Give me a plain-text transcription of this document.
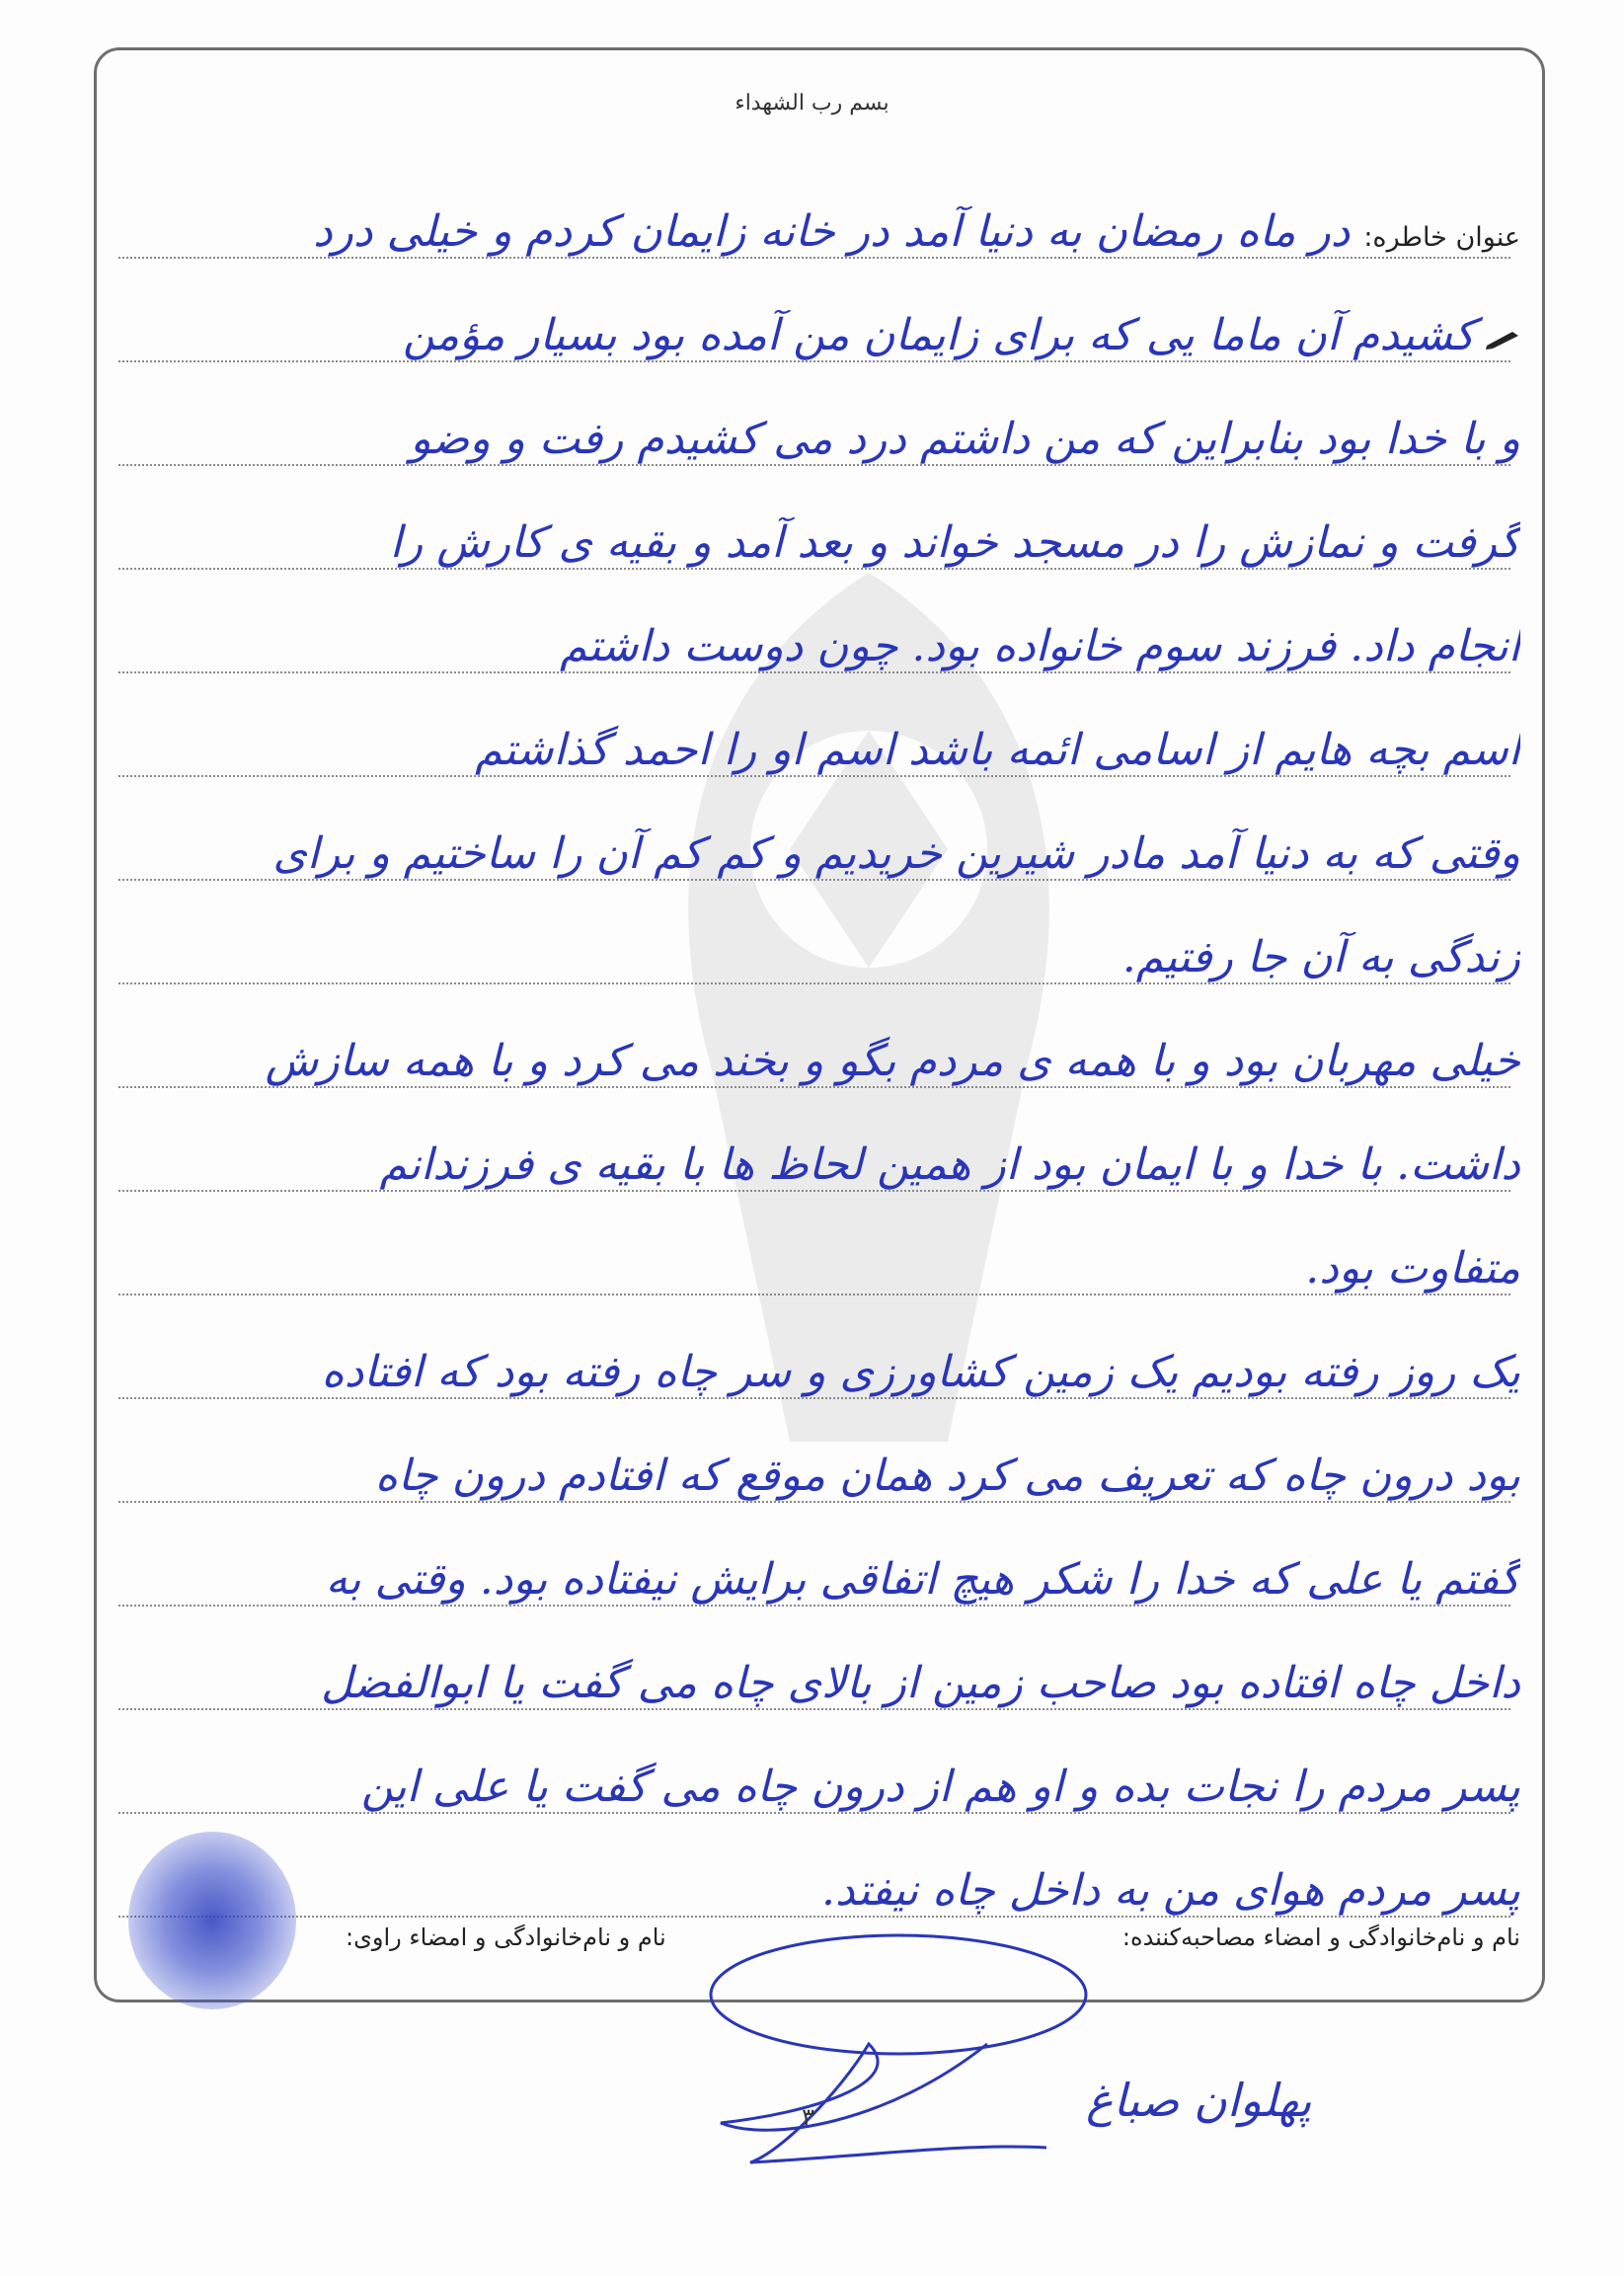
بسم رب الشهداء
عنوان خاطره:در ماه رمضان به دنیا آمد در خانه زایمان کردم و خیلی درد
کشیدم آن ماما یی که برای زایمان من آمده بود بسیار مؤمن
و با خدا بود بنابراین که من داشتم درد می کشیدم رفت و وضو
گرفت و نمازش را در مسجد خواند و بعد آمد و بقیه ی کارش را
انجام داد. فرزند سوم خانواده بود. چون دوست داشتم
اسم بچه هایم از اسامی ائمه باشد اسم او را احمد گذاشتم
وقتی که به دنیا آمد مادر شیرین خریدیم و کم کم آن را ساختیم و برای
زندگی به آن جا رفتیم.
خیلی مهربان بود و با همه ی مردم بگو و بخند می کرد و با همه سازش
داشت. با خدا و با ایمان بود از همین لحاظ ها با بقیه ی فرزندانم
متفاوت بود.
یک روز رفته بودیم یک زمین کشاورزی و سر چاه رفته بود که افتاده
بود درون چاه که تعریف می کرد همان موقع که افتادم درون چاه
گفتم یا علی که خدا را شکر هیچ اتفاقی برایش نیفتاده بود. وقتی به
داخل چاه افتاده بود صاحب زمین از بالای چاه می گفت یا ابوالفضل
پسر مردم را نجات بده و او هم از درون چاه می گفت یا علی این
پسر مردم هوای من به داخل چاه نیفتد.
نام و نام‌خانوادگی و امضاء مصاحبه‌کننده:
نام و نام‌خانوادگی و امضاء راوی:
پهلوان صباغ
۳
